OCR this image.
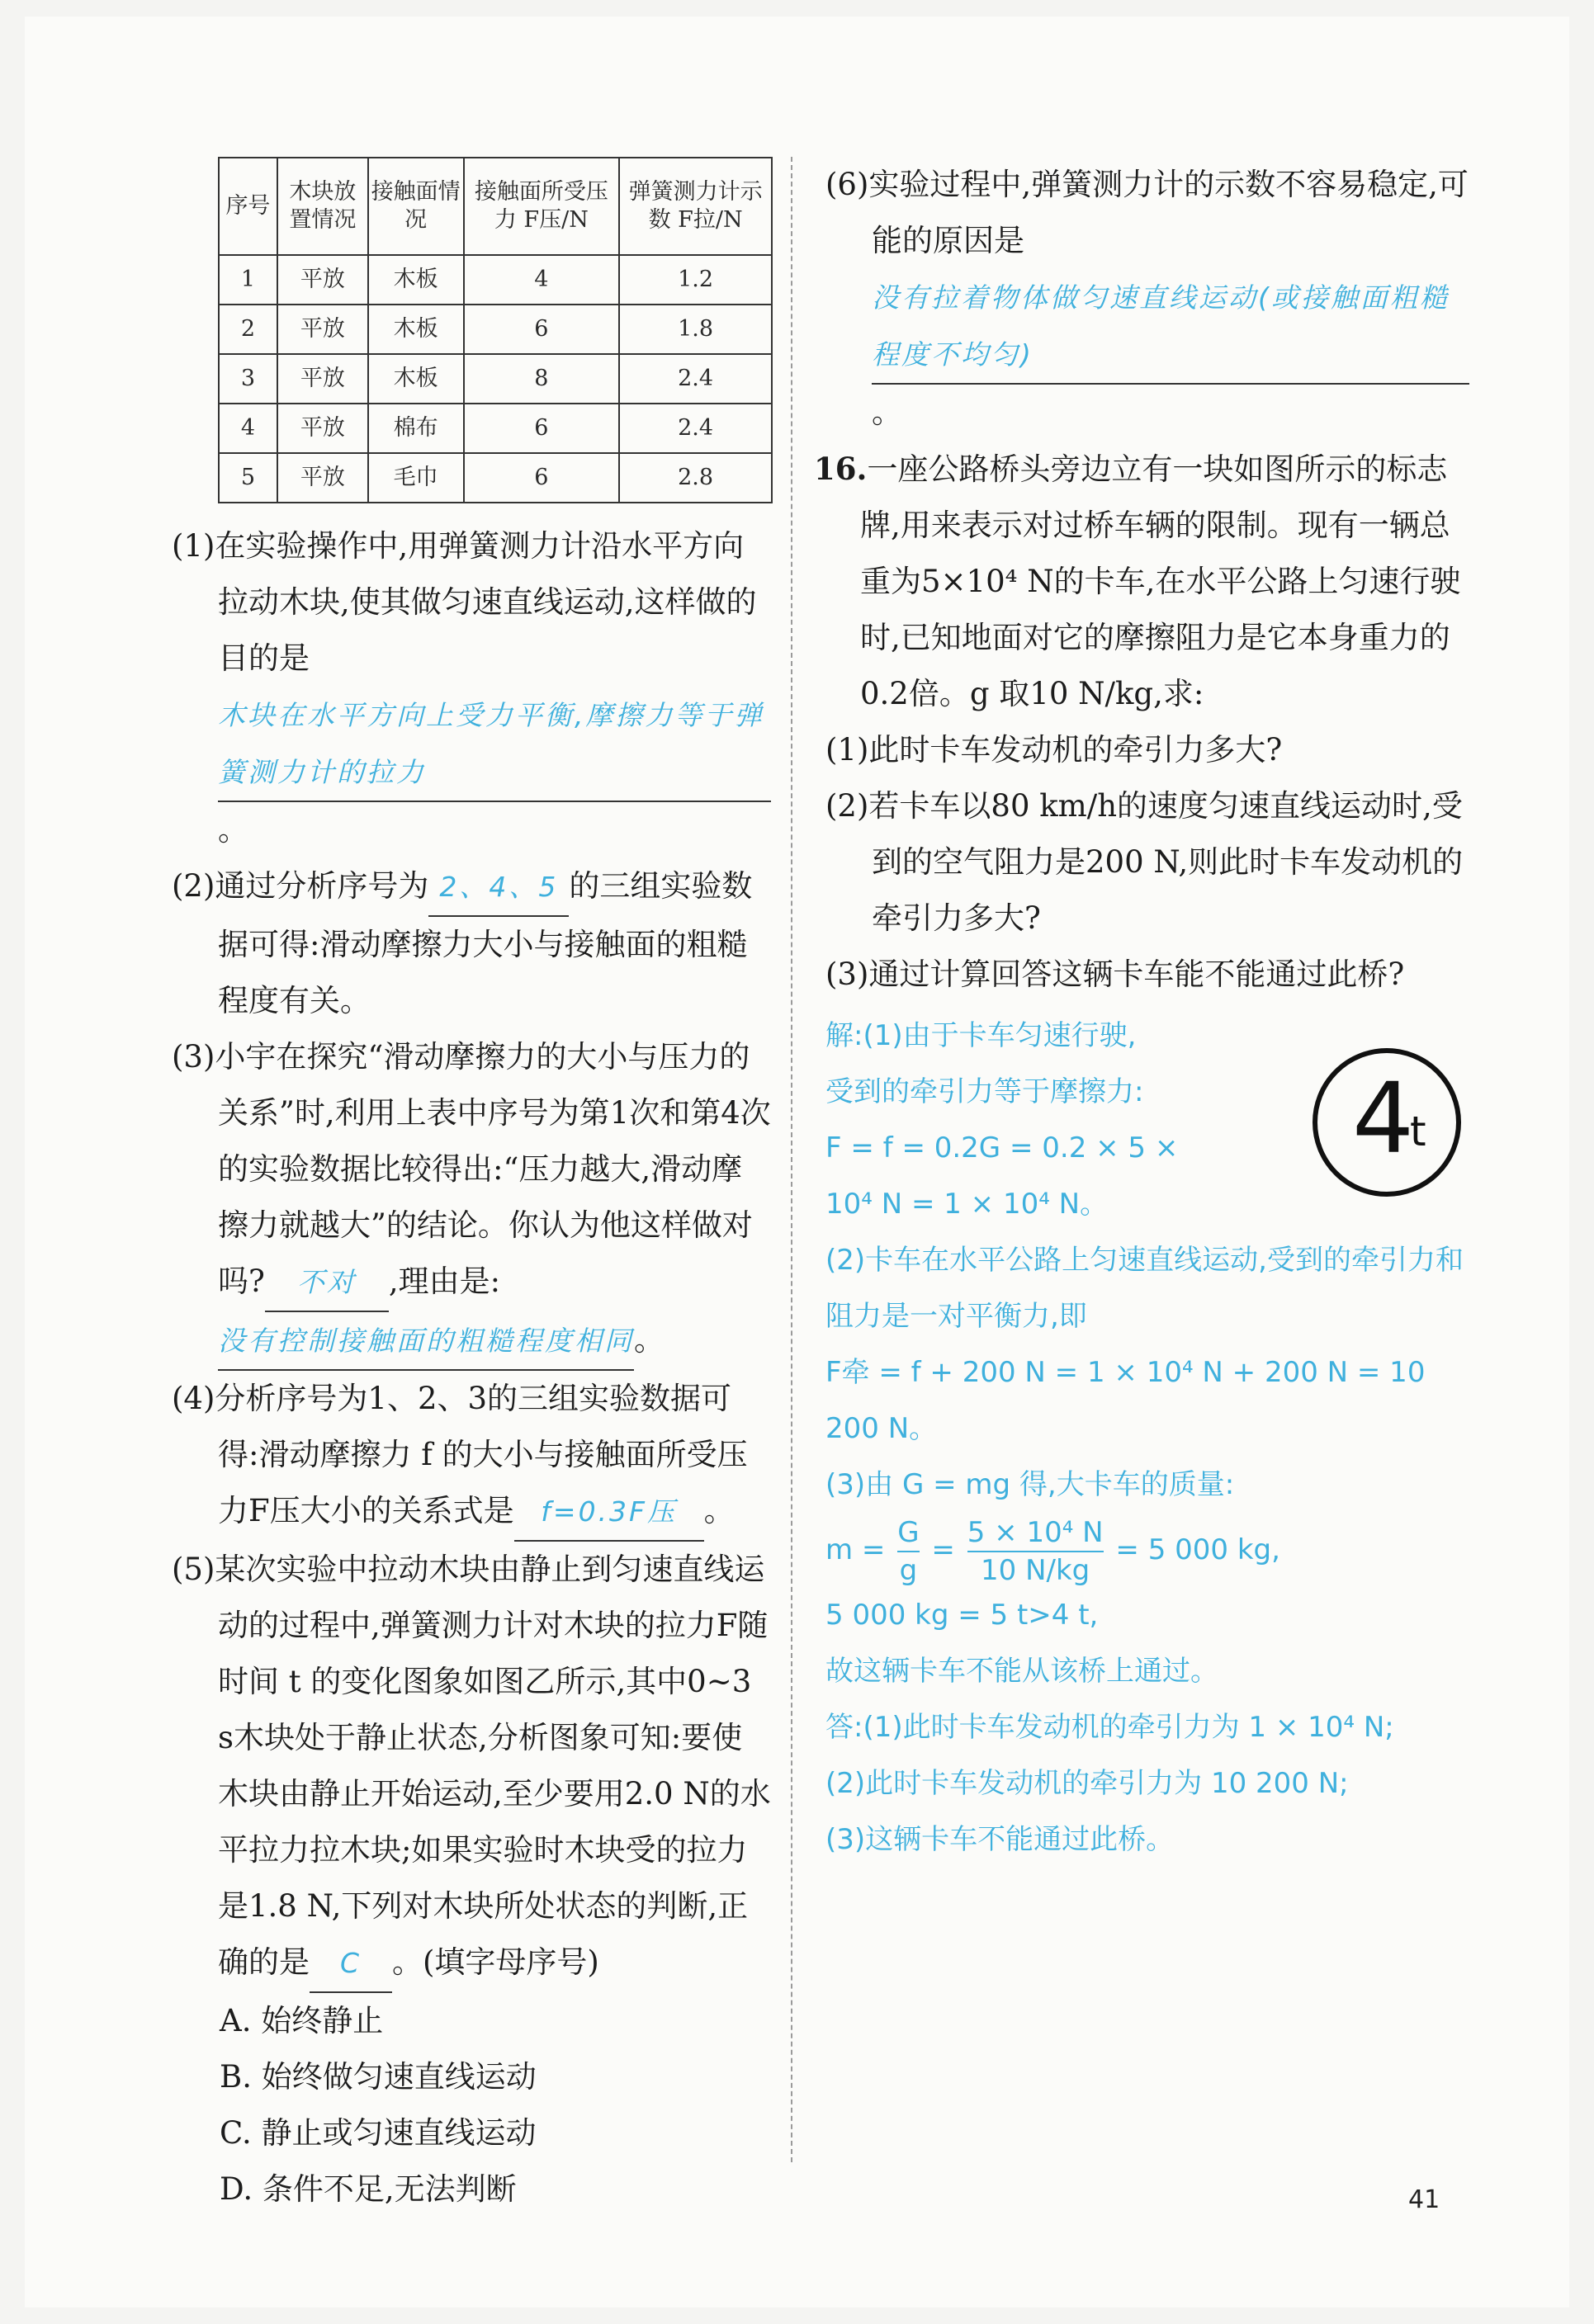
序号	木块放置情况	接触面情况	接触面所受压力 F压/N	弹簧测力计示数 F拉/N
1	平放	木板	4	1.2
2	平放	木板	6	1.8
3	平放	木板	8	2.4
4	平放	棉布	6	2.4
5	平放	毛巾	6	2.8

(1)在实验操作中,用弹簧测力计沿水平方向拉动木块,使其做匀速直线运动,这样做的目的是木块在水平方向上受力平衡,摩擦力等于弹簧测力计的拉力。

(2)通过分析序号为 2、4、5 的三组实验数据可得:滑动摩擦力大小与接触面的粗糙程度有关。

(3)小宇在探究“滑动摩擦力的大小与压力的关系”时,利用上表中序号为第1次和第4次的实验数据比较得出:“压力越大,滑动摩擦力就越大”的结论。你认为他这样做对吗? 不对 ,理由是:没有控制接触面的粗糙程度相同。

(4)分析序号为1、2、3的三组实验数据可得:滑动摩擦力 f 的大小与接触面所受压力F压大小的关系式是 f=0.3F压 。

(5)某次实验中拉动木块由静止到匀速直线运动的过程中,弹簧测力计对木块的拉力F随时间 t 的变化图象如图乙所示,其中0~3 s木块处于静止状态,分析图象可知:要使木块由静止开始运动,至少要用2.0 N的水平拉力拉木块;如果实验时木块受的拉力是1.8 N,下列对木块所处状态的判断,正确的是 C 。(填字母序号)

A. 始终静止

B. 始终做匀速直线运动

C. 静止或匀速直线运动

D. 条件不足,无法判断

(6)实验过程中,弹簧测力计的示数不容易稳定,可能的原因是没有拉着物体做匀速直线运动(或接触面粗糙程度不均匀)。

16.一座公路桥头旁边立有一块如图所示的标志牌,用来表示对过桥车辆的限制。现有一辆总重为5×10⁴ N的卡车,在水平公路上匀速行驶时,已知地面对它的摩擦阻力是它本身重力的0.2倍。g 取10 N/kg,求:

(1)此时卡车发动机的牵引力多大?

(2)若卡车以80 km/h的速度匀速直线运动时,受到的空气阻力是200 N,则此时卡车发动机的牵引力多大?

(3)通过计算回答这辆卡车能不能通过此桥?

解:(1)由于卡车匀速行驶,

受到的牵引力等于摩擦力:

F = f = 0.2G = 0.2 × 5 ×

10⁴ N = 1 × 10⁴ N。

(2)卡车在水平公路上匀速直线运动,受到的牵引力和阻力是一对平衡力,即

F牵 = f + 200 N = 1 × 10⁴ N + 200 N = 10 200 N。

(3)由 G = mg 得,大卡车的质量:

$m = \frac{G}{g} = \frac{\text{5 × 10⁴ N}}{10 N/kg} = 5$ 000 kg,

5 000 kg = 5 t>4 t,

故这辆卡车不能从该桥上通过。

答:(1)此时卡车发动机的牵引力为 1 × 10⁴ N;

(2)此时卡车发动机的牵引力为 10 200 N;

(3)这辆卡车不能通过此桥。

4
t
41
